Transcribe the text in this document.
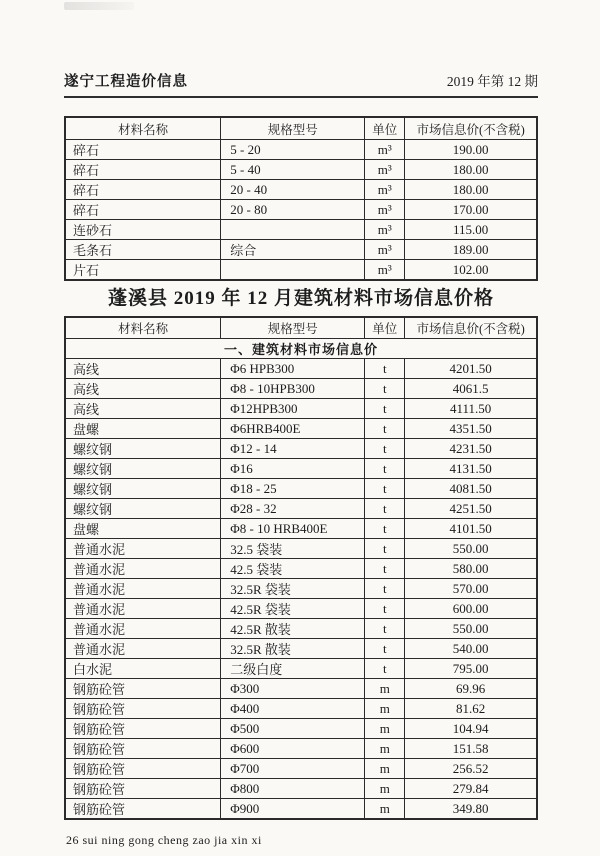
遂宁工程造价信息	2019 年第 12 期
材料名称	规格型号	单位	市场信息价(不含税)
碎石	5 - 20	m³	190.00
碎石	5 - 40	m³	180.00
碎石	20 - 40	m³	180.00
碎石	20 - 80	m³	170.00
连砂石		m³	115.00
毛条石	综合	m³	189.00
片石		m³	102.00
蓬溪县 2019 年 12 月建筑材料市场信息价格
材料名称	规格型号	单位	市场信息价(不含税)
一、建筑材料市场信息价			
高线	Φ6 HPB300	t	4201.50
高线	Φ8 - 10HPB300	t	4061.5
高线	Φ12HPB300	t	4111.50
盘螺	Φ6HRB400E	t	4351.50
螺纹钢	Φ12 - 14	t	4231.50
螺纹钢	Φ16	t	4131.50
螺纹钢	Φ18 - 25	t	4081.50
螺纹钢	Φ28 - 32	t	4251.50
盘螺	Φ8 - 10 HRB400E	t	4101.50
普通水泥	32.5 袋装	t	550.00
普通水泥	42.5 袋装	t	580.00
普通水泥	32.5R 袋装	t	570.00
普通水泥	42.5R 袋装	t	600.00
普通水泥	42.5R 散装	t	550.00
普通水泥	32.5R 散装	t	540.00
白水泥	二级白度	t	795.00
钢筋砼管	Φ300	m	69.96
钢筋砼管	Φ400	m	81.62
钢筋砼管	Φ500	m	104.94
钢筋砼管	Φ600	m	151.58
钢筋砼管	Φ700	m	256.52
钢筋砼管	Φ800	m	279.84
钢筋砼管	Φ900	m	349.80
26 sui ning gong cheng zao jia xin xi
